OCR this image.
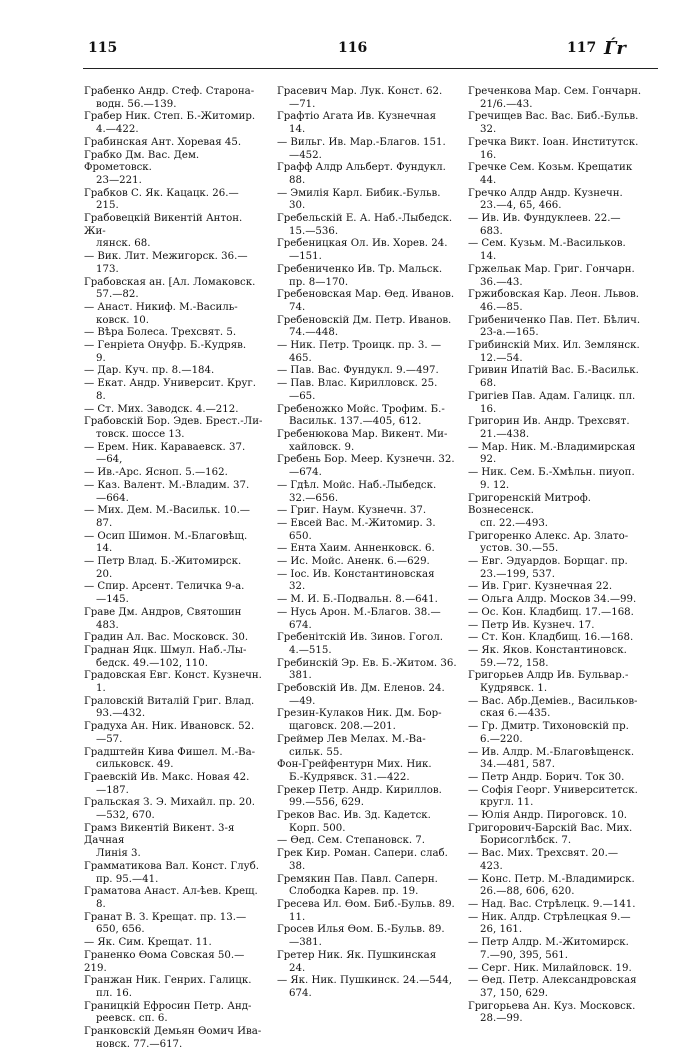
115	116	117 Ѓr
Грабенко Андр. Стеф. Старона-
водн. 56.—139.
Грабер Ник. Степ. Б.-Житомир.
4.—422.
Грабинская Ант. Хоревая 45.
Грабко Дм. Вас. Дем. Фрометовск.
23—221.
Грабков С. Як. Кацацк. 26.—
215.
Грабовецкій Викентій Антон. Жи-
лянск. 68.
— Вик. Лит. Межигорск. 36.—
173.
Грабовская ан. [Ал. Ломаковск.
57.—82.
— Анаст. Никиф. М.-Василь-
ковск. 10.
— Вѣра Болеса. Трехсвят. 5.
— Генріета Онуфр. Б.-Кудряв.
9.
— Дар. Куч. пр. 8.—184.
— Екат. Андр. Университ. Круг.
8.
— Ст. Мих. Заводск. 4.—212.
Грабовскій Бор. Эдев. Брест.-Ли-
товск. шоссе 13.
— Ерем. Ник. Караваевск. 37.
—64,
— Ив.-Арс. Ясноп. 5.—162.
— Каз. Валент. М.-Владим. 37.
—664.
— Мих. Дем. М.-Васильк. 10.—
87.
— Осип Шимон. М.-Благовѣщ.
14.
— Петр Влад. Б.-Житомирск.
20.
— Спир. Арсент. Теличка 9-а.
—145.
Граве Дм. Андров, Святошин
483.
Градин Ал. Вас. Московск. 30.
Граднан Яцк. Шмул. Наб.-Лы-
бедск. 49.—102, 110.
Градовская Евг. Конст. Кузнечн.
1.
Граловскій Виталій Григ. Влад.
93.—432.
Градуха Ан. Ник. Ивановск. 52.
—57.
Градштейн Кива Фишел. М.-Ва-
сильковск. 49.
Граевскій Ив. Макс. Новая 42.
—187.
Гральская З. Э. Михайл. пр. 20.
—532, 670.
Грамз Викентій Викент. 3-я Дачная
Линія 3.
Грамматикова Вал. Конст. Глуб.
пр. 95.—41.
Граматова Анаст. Ал-ѣев. Крещ.
8.
Гранат В. З. Крещат. пр. 13.—
650, 656.
— Як. Сим. Крещат. 11.
Граненко Ѳома Совская 50.—219.
Гранжан Ник. Генрих. Галицк.
пл. 16.
Границкій Ефросин Петр. Анд-
реевск. сп. 6.
Гранковскій Демьян Ѳомич Ива-
новск. 77.—617.
Грасевич Мар. Лук. Конст. 62.
—71.
Графтіо Агата Ив. Кузнечная
14.
— Вильг. Ив. Мар.-Благов. 151.
—452.
Графф Алдр Альберт. Фундукл.
88.
— Эмилія Карл. Бибик.-Бульв.
30.
Гребельскій Е. А. Наб.-Лыбедск.
15.—536.
Гребеницкая Ол. Ив. Хорев. 24.
—151.
Гребениченко Ив. Тр. Мальск.
пр. 8—170.
Гребеновская Мар. Ѳед. Иванов.
74.
Гребеновскій Дм. Петр. Иванов.
74.—448.
— Ник. Петр. Троицк. пр. 3. —
465.
— Пав. Вас. Фундукл. 9.—497.
— Пав. Влас. Кирилловск. 25.
—65.
Гребеножко Мойс. Трофим. Б.-
Васильк. 137.—405, 612.
Гребенюкова Мар. Викент. Ми-
хайловск. 9.
Гребень Бор. Меер. Кузнечн. 32.
—674.
— Гдѣл. Мойс. Наб.-Лыбедск.
32.—656.
— Григ. Наум. Кузнечн. 37.
— Евсей Вас. М.-Житомир. 3.
650.
— Ента Хаим. Анненковск. 6.
— Ис. Мойс. Аненк. 6.—629.
— Іос. Ив. Константиновская
32.
— М. И. Б.-Подвальн. 8.—641.
— Нусь Арон. М.-Благов. 38.—
674.
Гребенітскій Ив. Зинов. Гогол.
4.—515.
Гребинскій Эр. Ев. Б.-Житом. 36.
381.
Гребовскій Ив. Дм. Еленов. 24.
—49.
Грезин-Кулаков Ник. Дм. Бор-
щаговск. 208.—201.
Греймер Лев Мелах. М.-Ва-
сильк. 55.
Фон-Грейфентурн Мих. Ник.
Б.-Кудрявск. 31.—422.
Грекер Петр. Андр. Кириллов.
99.—556, 629.
Греков Вас. Ив. Зд. Кадетск.
Корп. 500.
— Ѳед. Сем. Степановск. 7.
Грек Кир. Роман. Сапери. слаб.
38.
Гремякин Пав. Павл. Саперн.
Слободка Карев. пр. 19.
Гресева Ил. Ѳом. Биб.-Бульв. 89.
11.
Гросев Илья Ѳом. Б.-Бульв. 89.
—381.
Гретер Ник. Як. Пушкинская
24.
— Як. Ник. Пушкинск. 24.—544,
674.
Греченкова Мар. Сем. Гончарн.
21/6.—43.
Гречищев Вас. Вас. Биб.-Бульв.
32.
Гречка Викт. Іоан. Институтск.
16.
Гречке Сем. Козьм. Крещатик
44.
Гречко Алдр Андр. Кузнечн.
23.—4, 65, 466.
— Ив. Ив. Фундуклеев. 22.—
683.
— Сем. Кузьм. М.-Васильков.
14.
Гржельак Мар. Григ. Гончарн.
36.—43.
Гржибовская Кар. Леон. Львов.
46.—85.
Грибениченко Пав. Пет. Бѣлич.
23-а.—165.
Грибинскій Мих. Ил. Землянск.
12.—54.
Гривин Ипатій Вас. Б.-Васильк.
68.
Григіев Пав. Адам. Галицк. пл.
16.
Григорин Ив. Андр. Трехсвят.
21.—438.
— Мар. Ник. М.-Владимирская
92.
— Ник. Сем. Б.-Хмѣльн. пиуоп.
9. 12.
Григоренскій Митроф. Вознесенск.
сп. 22.—493.
Григоренко Алекс. Ар. Злато-
устов. 30.—55.
— Евг. Эдуардов. Борщаг. пр.
23.—199, 537.
— Ив. Григ. Кузнечная 22.
— Ольга Алдр. Москов 34.—99.
— Ос. Кон. Кладбищ. 17.—168.
— Петр Ив. Кузнеч. 17.
— Ст. Кон. Кладбищ. 16.—168.
— Як. Яков. Константиновск.
59.—72, 158.
Григорьев Алдр Ив. Бульвар.-
Кудрявск. 1.
— Вас. Абр.Деміев., Васильков-
ская 6.—435.
— Гр. Дмитр. Тихоновскій пр.
6.—220.
— Ив. Алдр. М.-Благовѣщенск.
34.—481, 587.
— Петр Андр. Борич. Ток 30.
— Софія Георг. Университетск.
кругл. 11.
— Юлія Андр. Пироговск. 10.
Григорович-Барскій Вас. Мих.
Борисоглѣбск. 7.
— Вас. Мих. Трехсвят. 20.—
423.
— Конс. Петр. М.-Владимирск.
26.—88, 606, 620.
— Над. Вас. Стрѣлецк. 9.—141.
— Ник. Алдр. Стрѣлецкая 9.—
26, 161.
— Петр Алдр. М.-Житомирск.
7.—90, 395, 561.
— Серг. Ник. Милайловск. 19.
— Ѳед. Петр. Александровская
37, 150, 629.
Григорьева Ан. Куз. Московск.
28.—99.
